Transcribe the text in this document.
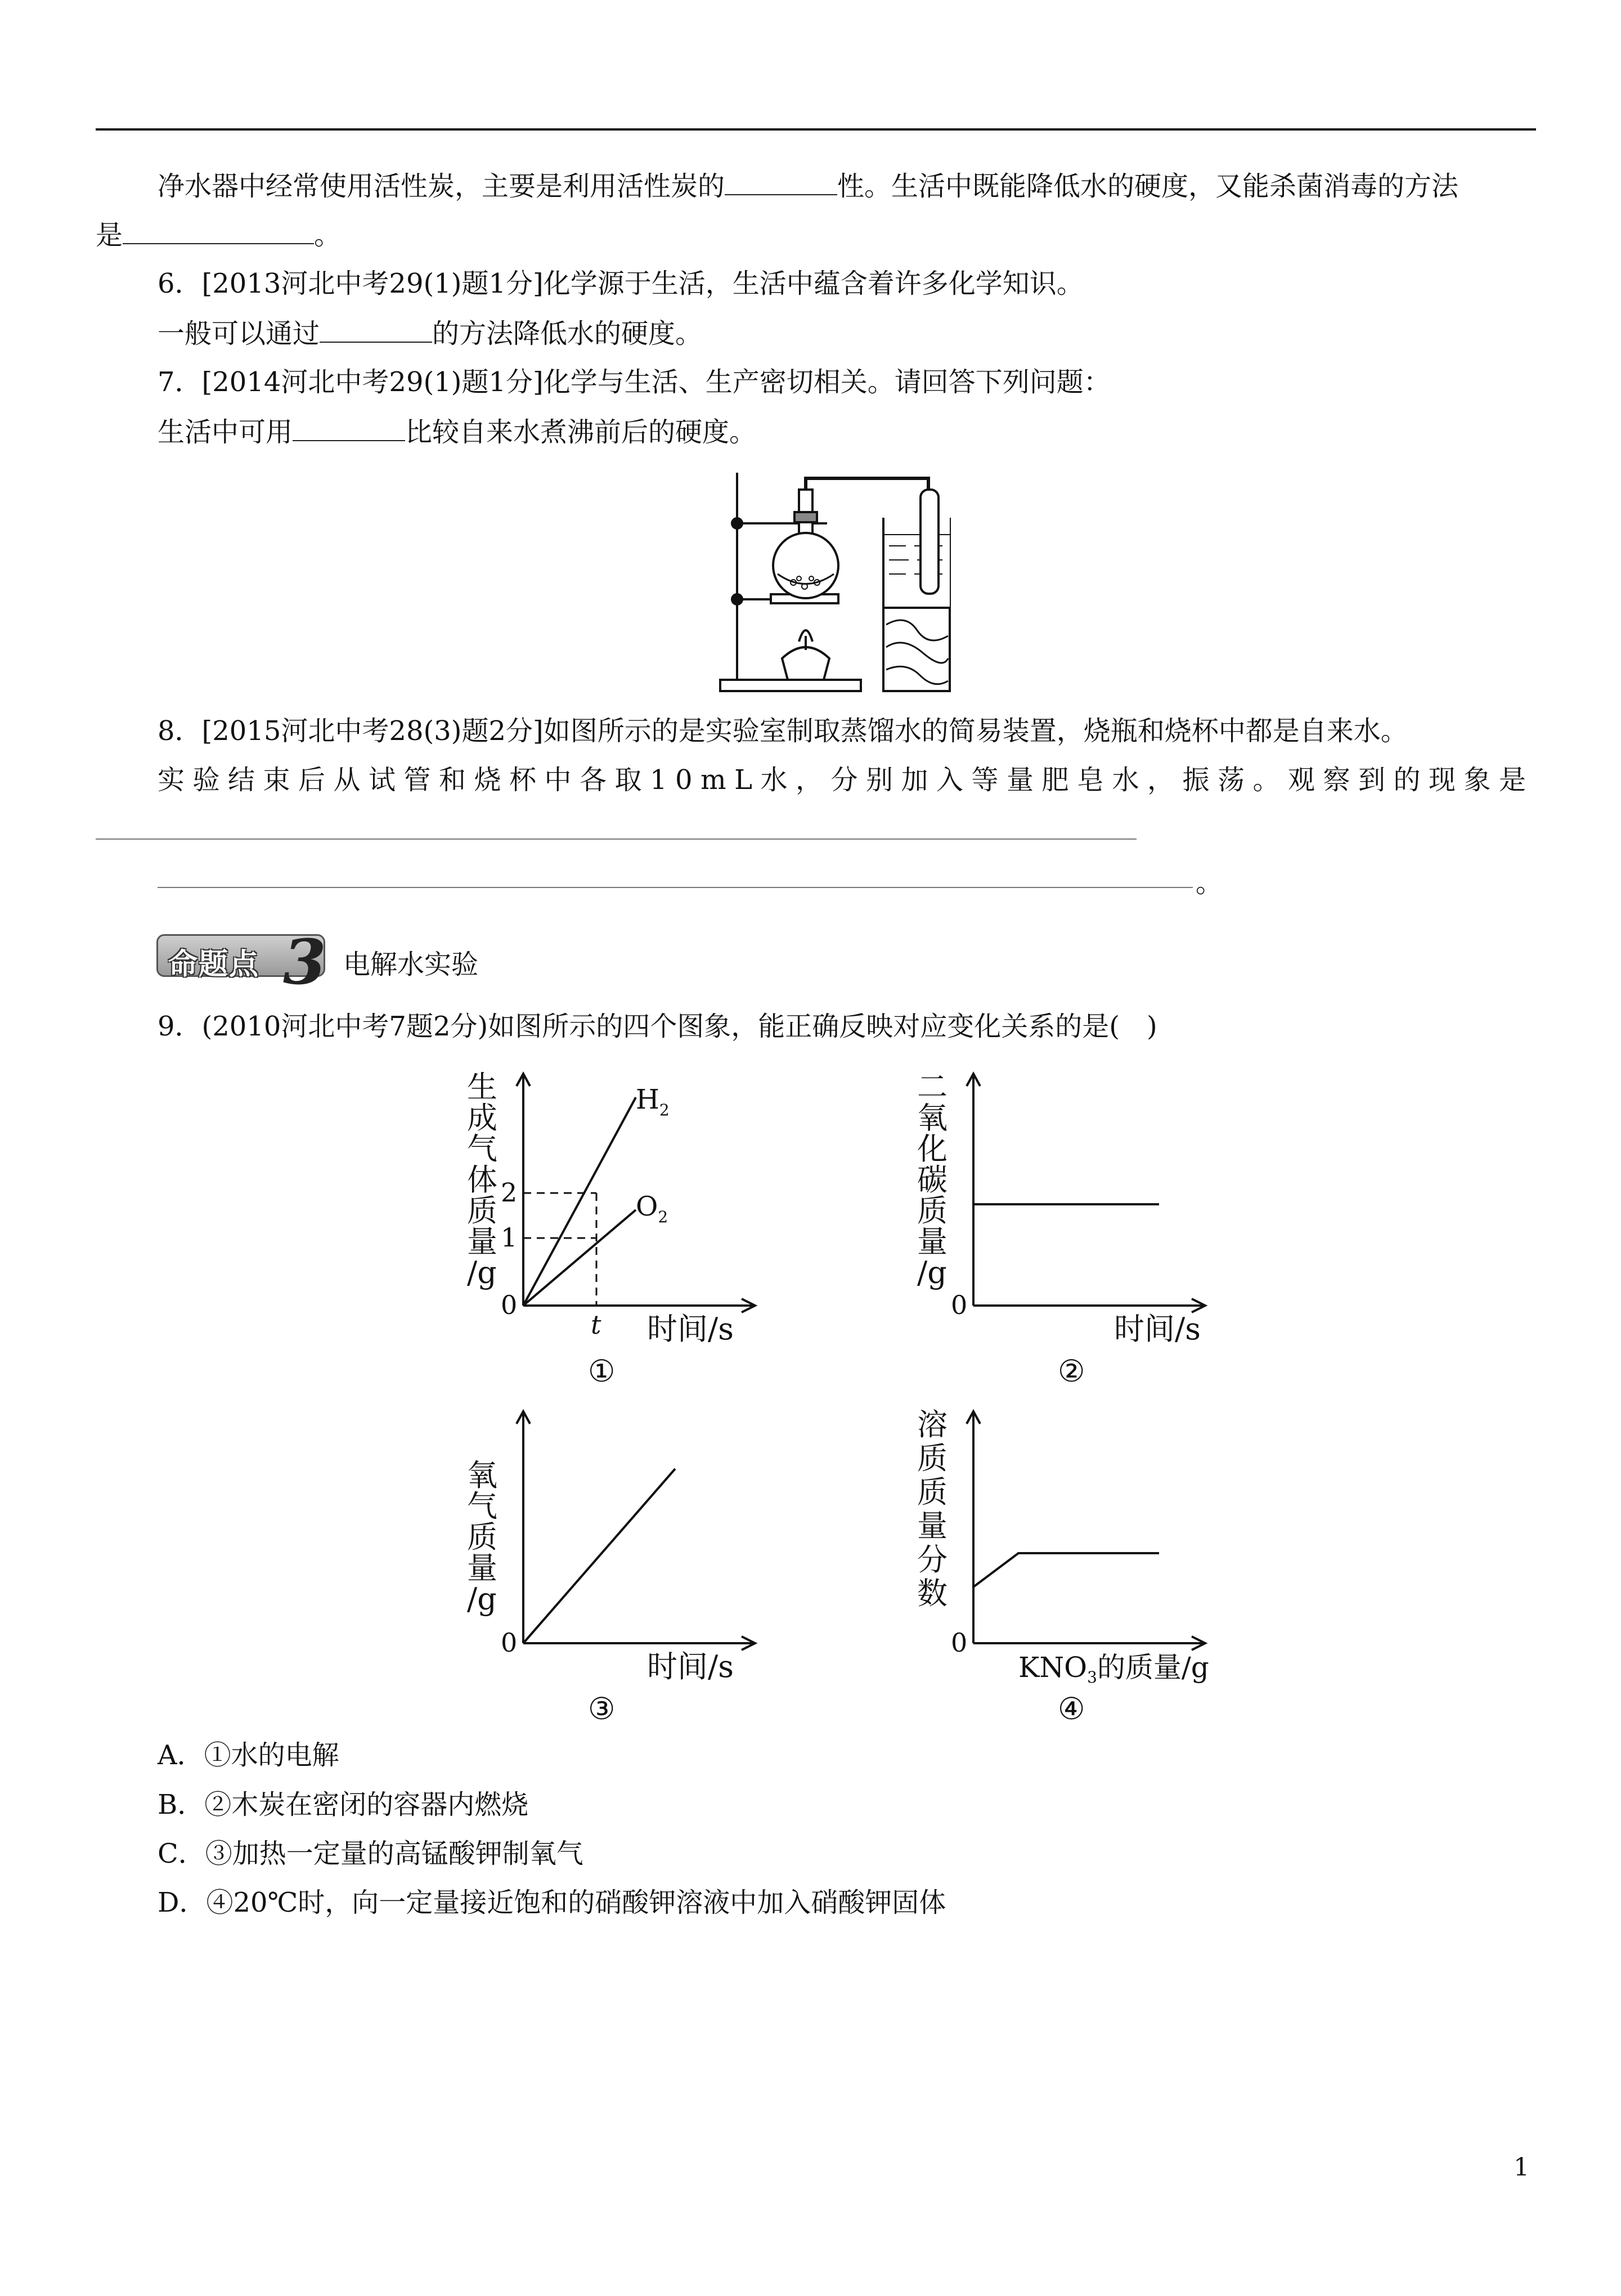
净水器中经常使用活性炭，主要是利用活性炭的	性。生活中既能降低水的硬度，又能杀菌消毒的方法
是	。
6．[2013河北中考29(1)题1分]化学源于生活，生活中蕴含着许多化学知识。
一般可以通过	的方法降低水的硬度。
7．[2014河北中考29(1)题1分]化学与生活、生产密切相关。请回答下列问题：
生活中可用	比较自来水煮沸前后的硬度。
8．[2015河北中考28(3)题2分]如图所示的是实验室制取蒸馏水的简易装置，烧瓶和烧杯中都是自来水。
实验结束后从试管和烧杯中各取10mL水，分别加入等量肥皂水，振荡。观察到的现象是
。
命题点 3 电解水实验
9．(2010河北中考7题2分)如图所示的四个图象，能正确反映对应变化关系的是(　)
生
成
气
体
质
量
/g
2
1
0
t 时间/s
$H_2$
$O_2$
①
二
氧
化
碳
质
量
/g
0
时间/s
②
氧
气
质
量
/g
0
时间/s
③
溶
质
质
量
分
数
0
$KNO_3$的质量/g
④
A．①水的电解
B．②木炭在密闭的容器内燃烧
C．③加热一定量的高锰酸钾制氧气
D．④20℃时，向一定量接近饱和的硝酸钾溶液中加入硝酸钾固体
1
